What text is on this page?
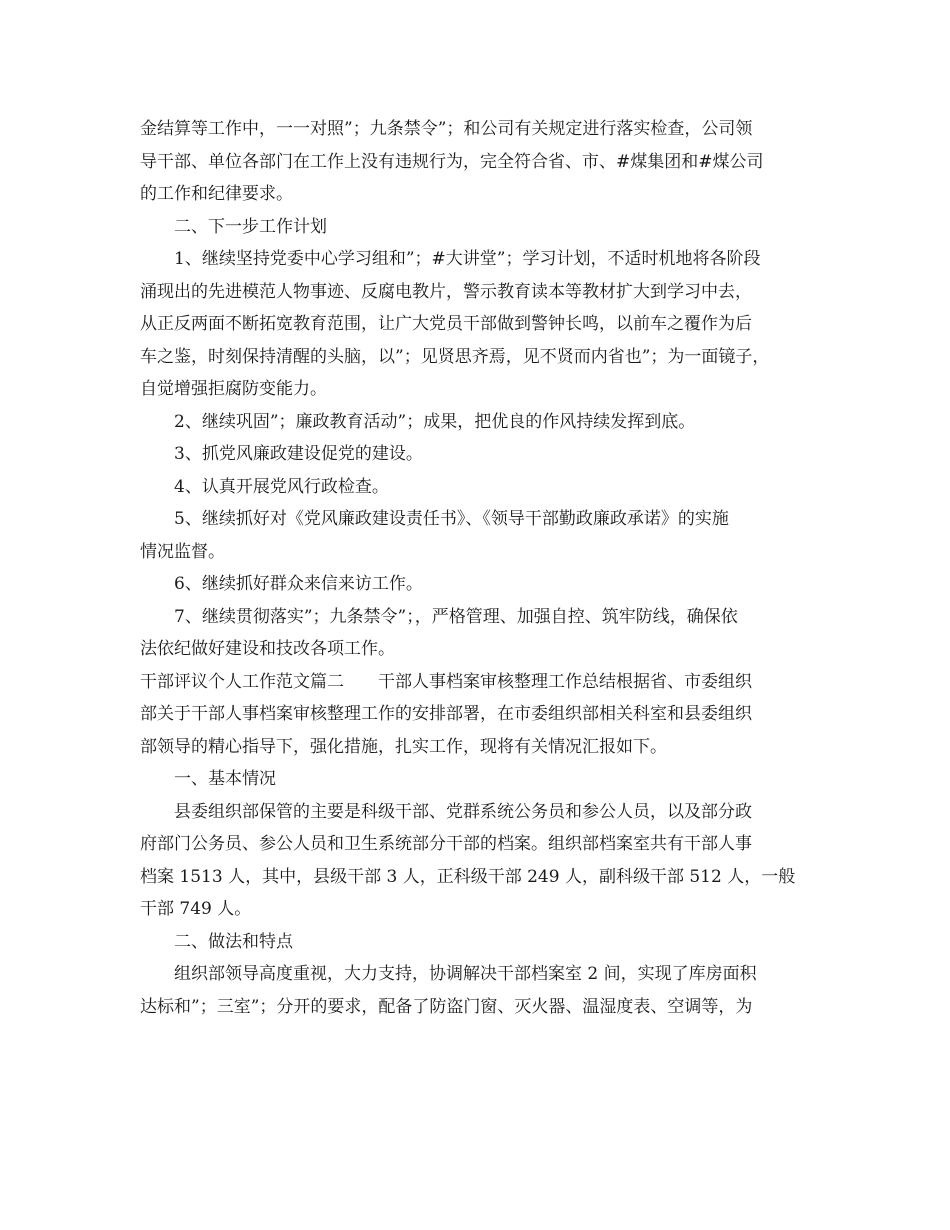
金结算等工作中，一一对照”；九条禁令”；和公司有关规定进行落实检查，公司领
导干部、单位各部门在工作上没有违规行为，完全符合省、市、#煤集团和#煤公司
的工作和纪律要求。
二、下一步工作计划
1、继续坚持党委中心学习组和”；#大讲堂”；学习计划，不适时机地将各阶段
涌现出的先进模范人物事迹、反腐电教片，警示教育读本等教材扩大到学习中去，
从正反两面不断拓宽教育范围，让广大党员干部做到警钟长鸣，以前车之覆作为后
车之鉴，时刻保持清醒的头脑，以”；见贤思齐焉，见不贤而内省也”；为一面镜子，
自觉增强拒腐防变能力。
2、继续巩固”；廉政教育活动”；成果，把优良的作风持续发挥到底。
3、抓党风廉政建设促党的建设。
4、认真开展党风行政检查。
5、继续抓好对《党风廉政建设责任书》、《领导干部勤政廉政承诺》的实施
情况监督。
6、继续抓好群众来信来访工作。
7、继续贯彻落实”；九条禁令”；，严格管理、加强自控、筑牢防线，确保依
法依纪做好建设和技改各项工作。
干部评议个人工作范文篇二　　干部人事档案审核整理工作总结根据省、市委组织
部关于干部人事档案审核整理工作的安排部署，在市委组织部相关科室和县委组织
部领导的精心指导下，强化措施，扎实工作，现将有关情况汇报如下。
一、基本情况
县委组织部保管的主要是科级干部、党群系统公务员和参公人员，以及部分政
府部门公务员、参公人员和卫生系统部分干部的档案。组织部档案室共有干部人事
档案 1513 人，其中，县级干部 3 人，正科级干部 249 人，副科级干部 512 人，一般
干部 749 人。
二、做法和特点
组织部领导高度重视，大力支持，协调解决干部档案室 2 间，实现了库房面积
达标和”；三室”；分开的要求，配备了防盗门窗、灭火器、温湿度表、空调等，为
